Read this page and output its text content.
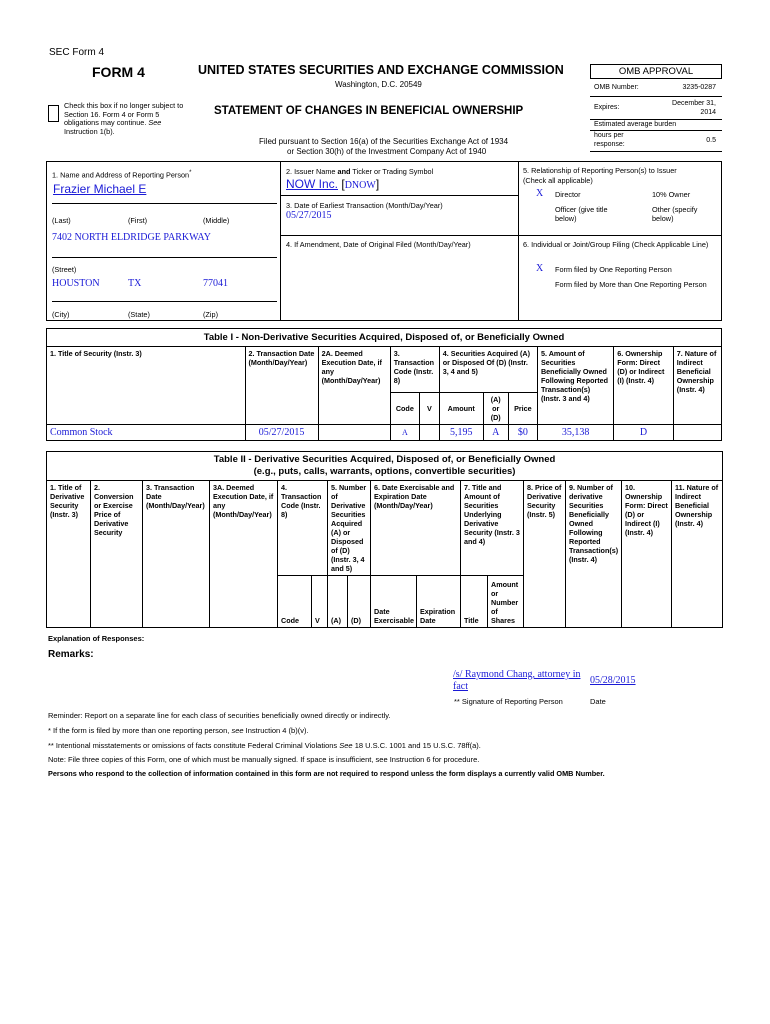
SEC Form 4
FORM 4	UNITED STATES SECURITIES AND EXCHANGE COMMISSION
Washington, D.C. 20549
Check this box if no longer subject to Section 16. Form 4 or Form 5 obligations may continue. See Instruction 1(b).
STATEMENT OF CHANGES IN BENEFICIAL OWNERSHIP
Filed pursuant to Section 16(a) of the Securities Exchange Act of 1934
or Section 30(h) of the Investment Company Act of 1940
OMB APPROVAL
OMB Number:	3235-0287
Expires:
December 31,
2014
Estimated average burden
hours per
response:
0.5
1. Name and Address of Reporting Person*
Frazier Michael E
(Last)	(First)	(Middle)
7402 NORTH ELDRIDGE PARKWAY
(Street)
HOUSTON	TX	77041
(City)	(State)	(Zip)
2. Issuer Name and Ticker or Trading Symbol
NOW Inc. [DNOW]
3. Date of Earliest Transaction (Month/Day/Year)
05/27/2015
4. If Amendment, Date of Original Filed (Month/Day/Year)
5. Relationship of Reporting Person(s) to Issuer
(Check all applicable)
X Director	10% Owner
Officer (give title below)
Other (specify below)
6. Individual or Joint/Group Filing (Check Applicable Line)
X Form filed by One Reporting Person
Form filed by More than One Reporting Person
Table I - Non-Derivative Securities Acquired, Disposed of, or Beneficially Owned										
1. Title of Security (Instr. 3)	2. Transaction Date (Month/Day/Year)	2A. Deemed Execution Date, if any (Month/Day/Year)	3. Transaction Code (Instr. 8)		4. Securities Acquired (A) or Disposed Of (D) (Instr. 3, 4 and 5)			5. Amount of Securities Beneficially Owned Following Reported Transaction(s) (Instr. 3 and 4)	6. Ownership Form: Direct (D) or Indirect (I) (Instr. 4)	7. Nature of Indirect Beneficial Ownership (Instr. 4)
			Code	V	Amount	(A) or (D)	Price			
Common Stock	05/27/2015		A		5,195	A	$0	35,138	D	
Table II - Derivative Securities Acquired, Disposed of, or Beneficially Owned
(e.g., puts, calls, warrants, options, convertible securities)															

1. Title of Derivative Security (Instr. 3)	2. Conversion or Exercise Price of Derivative Security	3. Transaction Date (Month/Day/Year)	3A. Deemed Execution Date, if any (Month/Day/Year)	4. Transaction Code (Instr. 8)		5. Number of Derivative Securities Acquired (A) or Disposed of (D) (Instr. 3, 4 and 5)		6. Date Exercisable and Expiration Date (Month/Day/Year)		7. Title and Amount of Securities Underlying Derivative Security (Instr. 3 and 4)		8. Price of Derivative Security (Instr. 5)	9. Number of derivative Securities Beneficially Owned Following Reported Transaction(s) (Instr. 4)	10. Ownership Form: Direct (D) or Indirect (I) (Instr. 4)	11. Nature of Indirect Beneficial Ownership (Instr. 4)
				Code	V	(A)	(D)	Date Exercisable	Expiration Date	Title	Amount or Number of Shares				
Explanation of Responses:
Remarks:
/s/ Raymond Chang, attorney in fact
05/28/2015
** Signature of Reporting Person	Date
Reminder: Report on a separate line for each class of securities beneficially owned directly or indirectly.
* If the form is filed by more than one reporting person, see Instruction 4 (b)(v).
** Intentional misstatements or omissions of facts constitute Federal Criminal Violations See 18 U.S.C. 1001 and 15 U.S.C. 78ff(a).
Note: File three copies of this Form, one of which must be manually signed. If space is insufficient, see Instruction 6 for procedure.
Persons who respond to the collection of information contained in this form are not required to respond unless the form displays a currently valid OMB Number.
